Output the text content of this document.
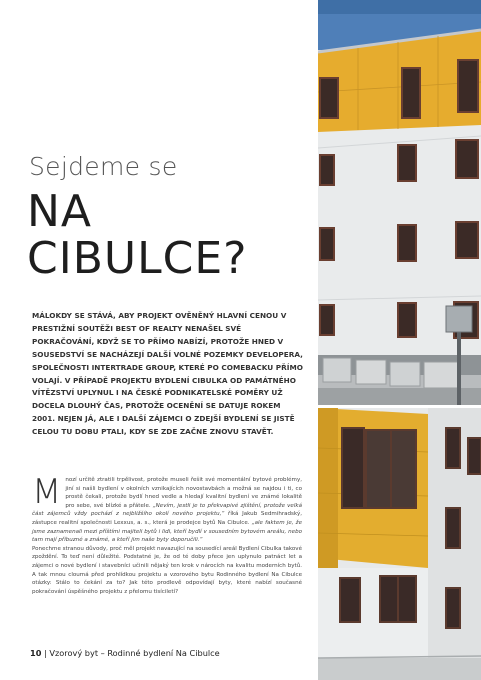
Sejdeme se
NA
CIBULCE?
MÁLOKDY SE STÁVÁ, ABY PROJEKT OVĚNĚNÝ HLAVNÍ CENOU V PRESTIŽNÍ SOUTĚŽI BEST OF REALTY NENAŠEL SVÉ POKRAČOVÁNÍ, KDYŽ SE TO PŘÍMO NABÍZÍ, PROTOŽE HNED V SOUSEDSTVÍ SE NACHÁZEJÍ DALŠÍ VOLNÉ POZEMKY DEVELOPERA, SPOLEČNOSTI INTERTRADE GROUP, KTERÉ PO COMEBACKU PŘÍMO VOLAJÍ. V PŘÍPADĚ PROJEKTU BYDLENÍ CIBULKA OD PAMÁTNÉHO VÍTĚZSTVÍ UPLYNUL I NA ČESKÉ PODNIKATELSKÉ POMĚRY UŽ DOCELA DLOUHÝ ČAS, PROTOŽE OCENĚNÍ SE DATUJE ROKEM 2001. NEJEN JÁ, ALE I DALŠÍ ZÁJEMCI O ZDEJŠÍ BYDLENÍ SE JISTĚ CELOU TU DOBU PTALI, KDY SE ZDE ZAČNE ZNOVU STAVĚT.
M nozí určitě ztratili trpělivost, protože museli řešit své momentální bytové problémy, jiní si našli bydlení v okolních vznikajících novostavbách a možná se najdou i ti, co prostě čekali, protože bydlí hned vedle a hledají kvalitní bydlení ve známé lokalitě pro sebe, své blízké a přátele. „Nevím, jestli je to překvapivé zjištění, protože velká část zájemců vždy pochází z nejbližšího okolí nového projektu,“ říká Jakub Sedmihradský, zástupce realitní společnosti Lexxus, a. s., která je prodejce bytů Na Cibulce. „ale faktem je, že jsme zaznamenali mezi příštími majiteli bytů i lidi, kteří bydlí v sousedním bytovém areálu, nebo tam mají příbuzné a známé, a kteří jim naše byty doporučili.“
Ponechme stranou důvody, proč měl projekt navazující na sousedící areál Bydlení Cibulka takové zpoždění. To teď není důležité. Podstatné je, že od té doby přece jen uplynulo patnáct let a zájemci o nové bydlení i stavebníci učinili nějaký ten krok v nárocích na kvalitu moderních bytů. A tak mnou cloumá před prohlídkou projektu a vzorového bytu Rodinného bydlení Na Cibulce otázky: Stálo to čekání za to? Jak této prodlevě odpovídají byty, které nabízí současné pokračování úspěšného projektu z přelomu tisíciletí?
10 | Vzorový byt – Rodinné bydlení Na Cibulce
